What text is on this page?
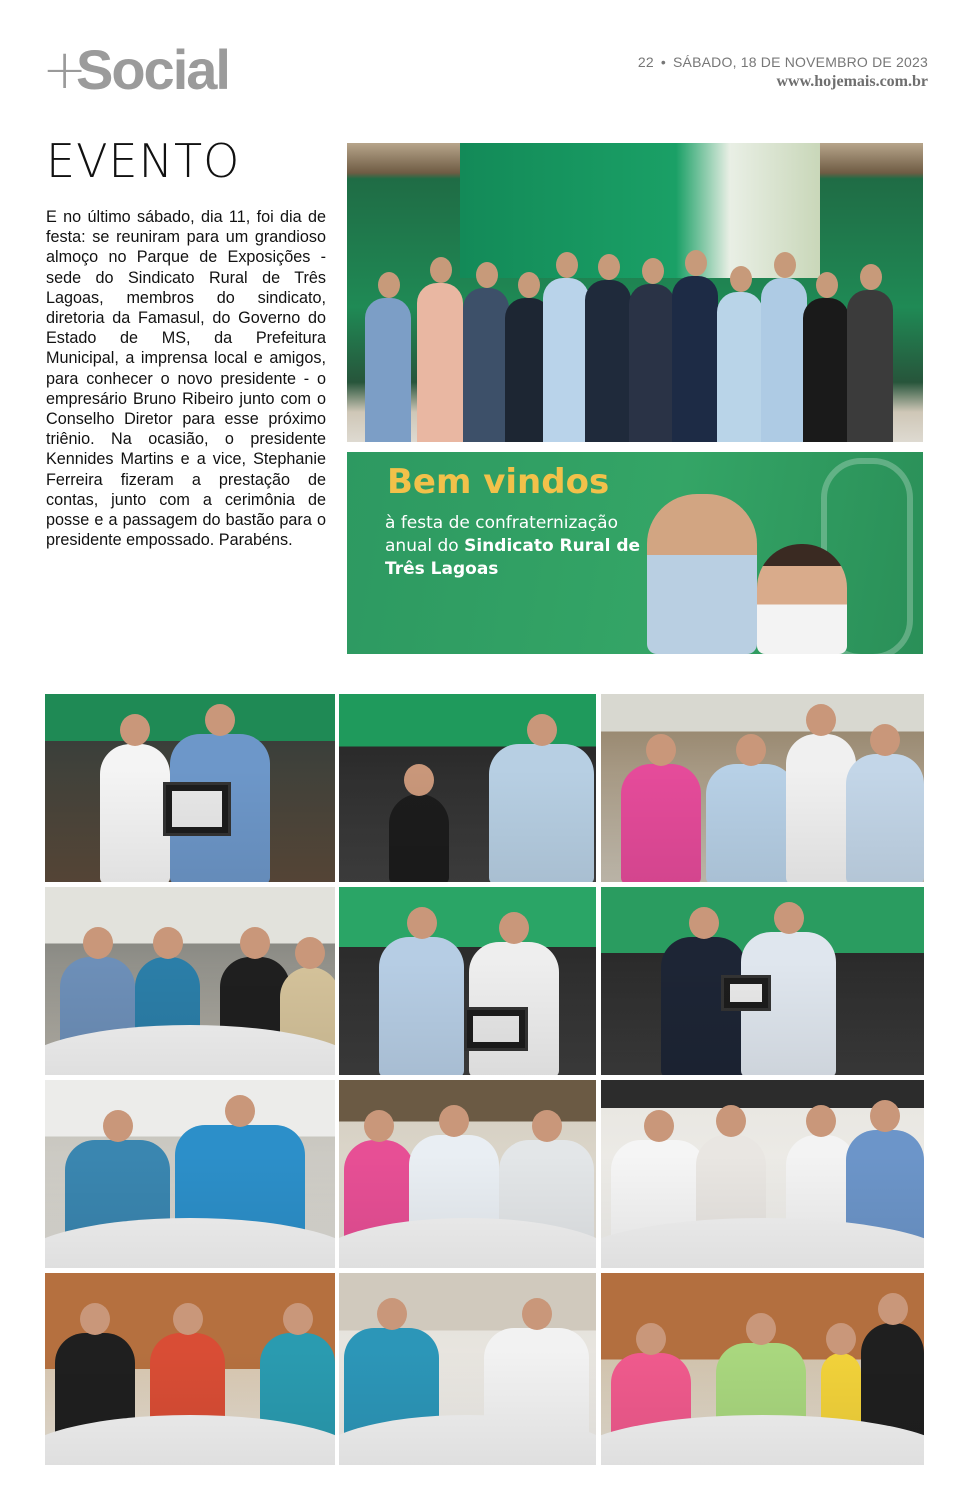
+
Social	22 • SÁBADO, 18 DE NOVEMBRO DE 2023
www.hojemais.com.br
EVENTO
E no último sábado, dia 11, foi dia de festa: se reuniram para um grandioso almoço no Parque de Exposições - sede do Sindicato Rural de Três Lagoas, membros do sindicato, diretoria da Famasul, do Governo do Estado de MS, da Prefeitura Municipal, a imprensa local e amigos, para conhecer o novo presidente - o empresário Bruno Ribeiro junto com o Conselho Diretor para esse próximo triênio. Na ocasião, o presidente Kennides Martins e a vice, Stephanie Ferreira fizeram a prestação de contas, junto com a cerimônia de posse e a passagem do bastão para o presidente empossado. Parabéns.
Bem vindos
à festa de confraternização
anual do Sindicato Rural de
Três Lagoas
